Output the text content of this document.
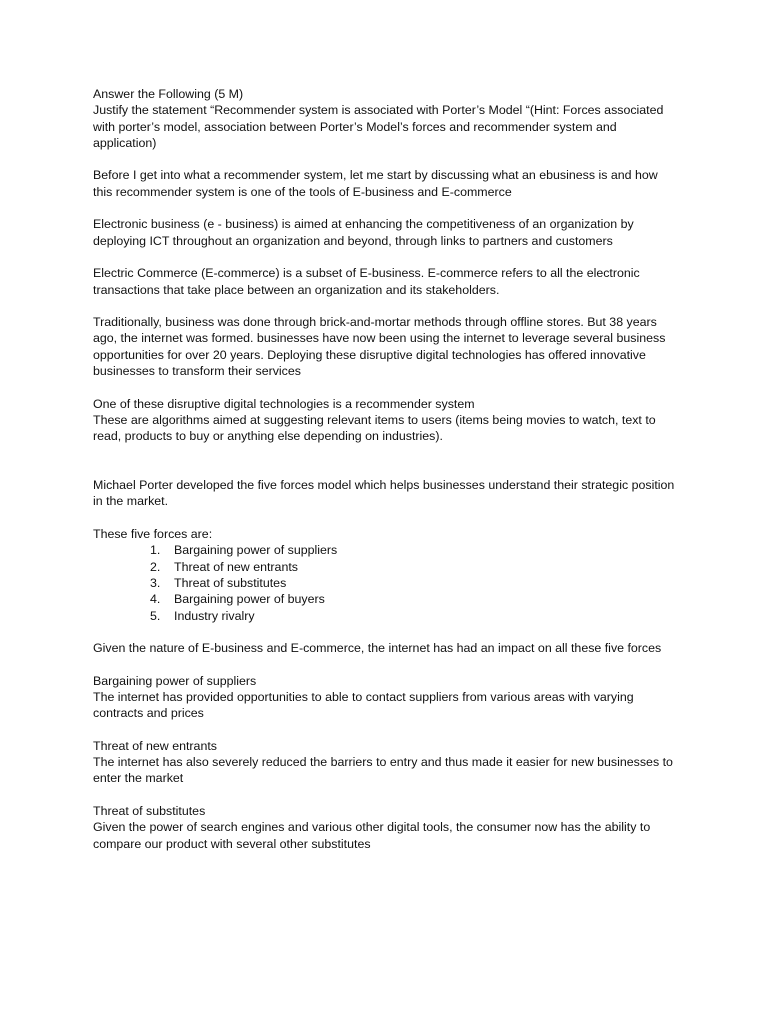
Answer the Following (5 M)

Justify the statement “Recommender system is associated with Porter’s Model “(Hint: Forces associated with porter’s model, association between Porter’s Model’s forces and recommender system and application)

Before I get into what a recommender system, let me start by discussing what an ebusiness is and how this recommender system is one of the tools of E-business and E-commerce

Electronic business (e - business) is aimed at enhancing the competitiveness of an organization by deploying ICT throughout an organization and beyond, through links to partners and customers

Electric Commerce (E-commerce) is a subset of E-business. E-commerce refers to all the electronic transactions that take place between an organization and its stakeholders.

Traditionally, business was done through brick-and-mortar methods through offline stores. But 38 years ago, the internet was formed. businesses have now been using the internet to leverage several business opportunities for over 20 years. Deploying these disruptive digital technologies has offered innovative businesses to transform their services

One of these disruptive digital technologies is a recommender system

These are algorithms aimed at suggesting relevant items to users (items being movies to watch, text to read, products to buy or anything else depending on industries).

Michael Porter developed the five forces model which helps businesses understand their strategic position in the market.

These five forces are:

1.	Bargaining power of suppliers
2.	Threat of new entrants
3.	Threat of substitutes
4.	Bargaining power of buyers
5.	Industry rivalry

Given the nature of E-business and E-commerce, the internet has had an impact on all these five forces

Bargaining power of suppliers

The internet has provided opportunities to able to contact suppliers from various areas with varying contracts and prices

Threat of new entrants

The internet has also severely reduced the barriers to entry and thus made it easier for new businesses to enter the market

Threat of substitutes

Given the power of search engines and various other digital tools, the consumer now has the ability to compare our product with several other substitutes
